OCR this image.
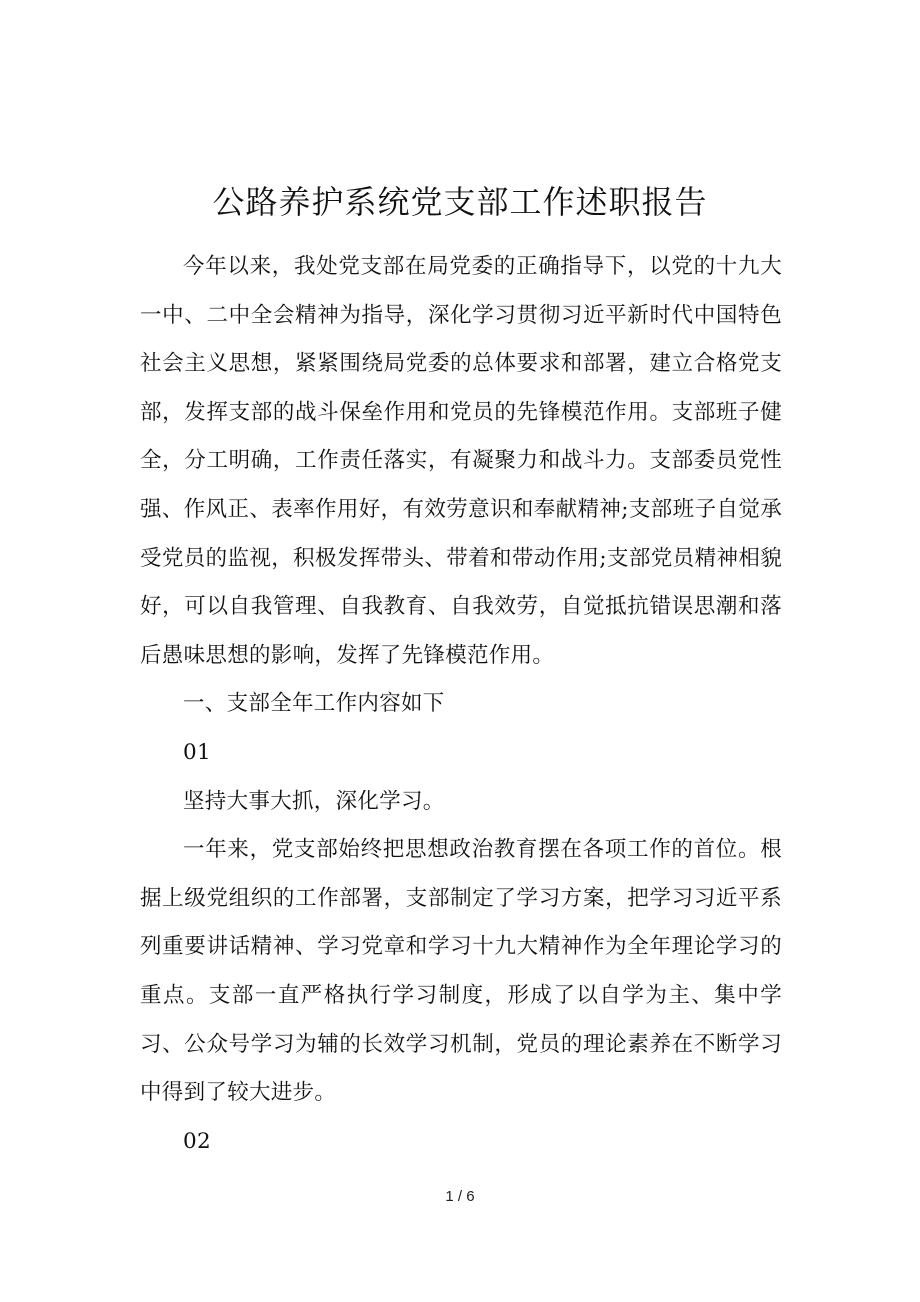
公路养护系统党支部工作述职报告

今年以来，我处党支部在局党委的正确指导下，以党的十九大一中、二中全会精神为指导，深化学习贯彻习近平新时代中国特色社会主义思想，紧紧围绕局党委的总体要求和部署，建立合格党支部，发挥支部的战斗保垒作用和党员的先锋模范作用。支部班子健全，分工明确，工作责任落实，有凝聚力和战斗力。支部委员党性强、作风正、表率作用好，有效劳意识和奉献精神;支部班子自觉承受党员的监视，积极发挥带头、带着和带动作用;支部党员精神相貌好，可以自我管理、自我教育、自我效劳，自觉抵抗错误思潮和落后愚味思想的影响，发挥了先锋模范作用。

一、支部全年工作内容如下

01

坚持大事大抓，深化学习。

一年来，党支部始终把思想政治教育摆在各项工作的首位。根据上级党组织的工作部署，支部制定了学习方案，把学习习近平系列重要讲话精神、学习党章和学习十九大精神作为全年理论学习的重点。支部一直严格执行学习制度，形成了以自学为主、集中学习、公众号学习为辅的长效学习机制，党员的理论素养在不断学习中得到了较大进步。

02

1 / 6
